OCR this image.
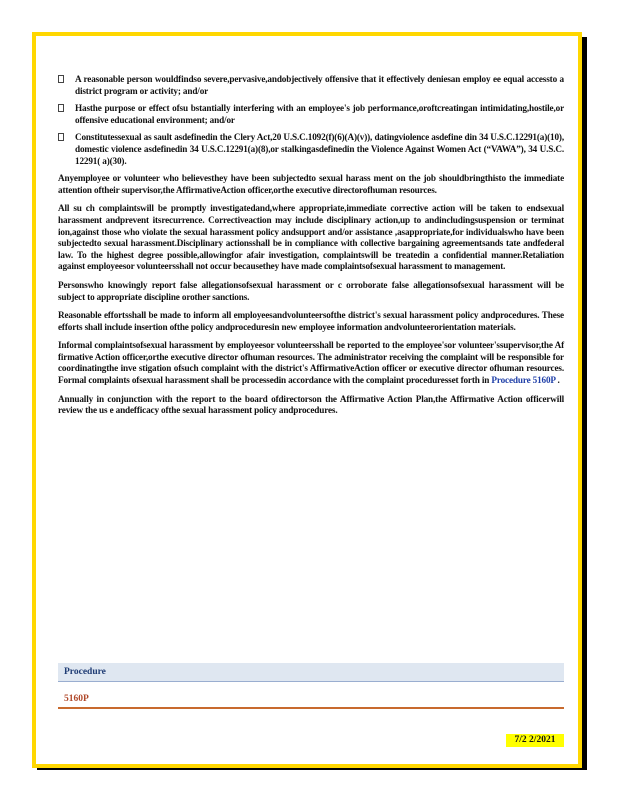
A reasonable person wouldfindso severe,pervasive,andobjectively offensive that it effectively deniesan employ ee equal accessto a district program or activity; and/or
Hasthe purpose or effect ofsu bstantially interfering with an employee's job performance,oroftcreatingan intimidating,hostile,or offensive educational environment; and/or
Constitutessexual as sault asdefinedin the Clery Act,20 U.S.C.1092(f)(6)(A)(v)), datingviolence asdefine din 34 U.S.C.12291(a)(10), domestic violence asdefinedin 34 U.S.C.12291(a)(8),or stalkingasdefinedin the Violence Against Women Act (“VAWA”), 34 U.S.C. 12291( a)(30).

Anyemployee or volunteer who believesthey have been subjectedto sexual harass ment on the job shouldbringthisto the immediate attention oftheir supervisor,the AffirmativeAction officer,orthe executive directorofhuman resources.

All su ch complaintswill be promptly investigatedand,where appropriate,immediate corrective action will be taken to endsexual harassment andprevent itsrecurrence. Correctiveaction may include disciplinary action,up to andincludingsuspension or terminat ion,against those who violate the sexual harassment policy andsupport and/or assistance ,asappropriate,for individualswho have been subjectedto sexual harassment.Disciplinary actionsshall be in compliance with collective bargaining agreementsands tate andfederal law. To the highest degree possible,allowingfor afair investigation, complaintswill be treatedin a confidential manner.Retaliation against employeesor volunteersshall not occur becausethey have made complaintsofsexual harassment to management.

Personswho knowingly report false allegationsofsexual harassment or c orroborate false allegationsofsexual harassment will be subject to appropriate discipline orother sanctions.

Reasonable effortsshall be made to inform all employeesandvolunteersofthe district's sexual harassment policy andprocedures. These efforts shall include insertion ofthe policy andproceduresin new employee information andvolunteerorientation materials.

Informal complaintsofsexual harassment by employeesor volunteersshall be reported to the employee'sor volunteer'ssupervisor,the Af firmative Action officer,orthe executive director ofhuman resources. The administrator receiving the complaint will be responsible for coordinatingthe inve stigation ofsuch complaint with the district's AffirmativeAction officer or executive director ofhuman resources. Formal complaints ofsexual harassment shall be processedin accordance with the complaint proceduresset forth in Procedure 5160P .

Annually in conjunction with the report to the board ofdirectorson the Affirmative Action Plan,the Affirmative Action officerwill review the us e andefficacy ofthe sexual harassment policy andprocedures.

Procedure
5160P
7/2 2/2021
